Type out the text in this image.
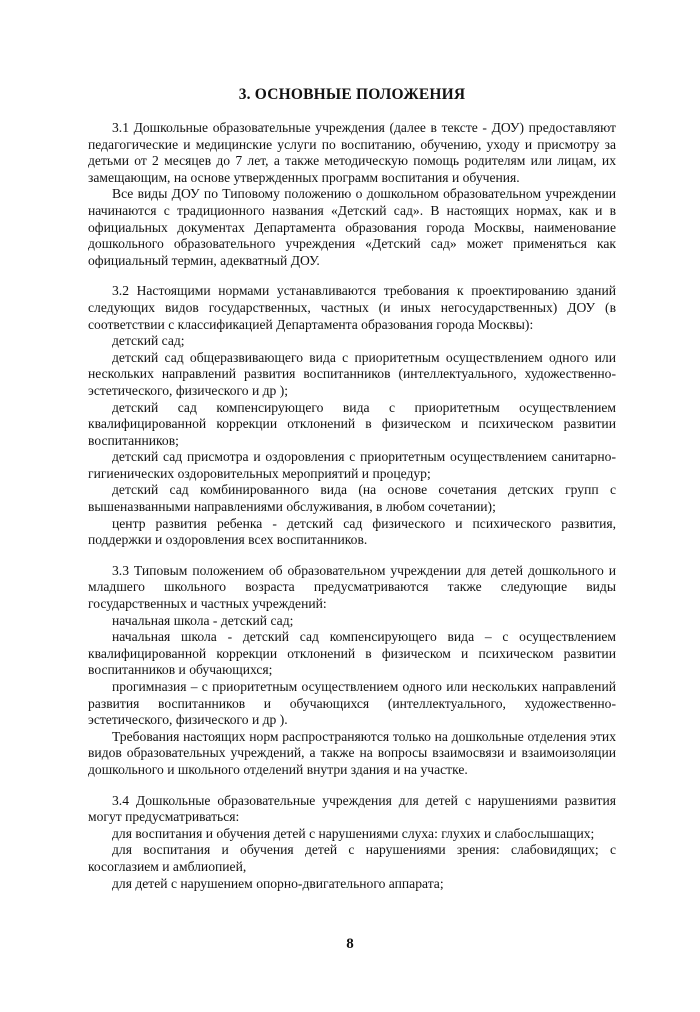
3. ОСНОВНЫЕ ПОЛОЖЕНИЯ

3.1 Дошкольные образовательные учреждения (далее в тексте - ДОУ) предоставляют педагогические и медицинские услуги по воспитанию, обучению, уходу и присмотру за детьми от 2 месяцев до 7 лет, а также методическую помощь родителям или лицам, их замещающим, на основе утвержденных программ воспитания и обучения.

Все виды ДОУ по Типовому положению о дошкольном образовательном учреждении начинаются с традиционного названия «Детский сад». В настоящих нормах, как и в официальных документах Департамента образования города Москвы, наименование дошкольного образовательного учреждения «Детский сад» может применяться как официальный термин, адекватный ДОУ.

3.2 Настоящими нормами устанавливаются требования к проектированию зданий следующих видов государственных, частных (и иных негосударственных) ДОУ (в соответствии с классификацией Департамента образования города Москвы):

детский сад;

детский сад общеразвивающего вида с приоритетным осуществлением одного или нескольких направлений развития воспитанников (интеллектуального, художественно-эстетического, физического и др );

детский сад компенсирующего вида с приоритетным осуществлением квалифицированной коррекции отклонений в физическом и психическом развитии воспитанников;

детский сад присмотра и оздоровления с приоритетным осуществлением санитарно-гигиенических оздоровительных мероприятий и процедур;

детский сад комбинированного вида (на основе сочетания детских групп с вышеназванными направлениями обслуживания, в любом сочетании);

центр развития ребенка - детский сад физического и психического развития, поддержки и оздоровления всех воспитанников.

3.3 Типовым положением об образовательном учреждении для детей дошкольного и младшего школьного возраста предусматриваются также следующие виды государственных и частных учреждений:

начальная школа - детский сад;

начальная школа - детский сад компенсирующего вида – с осуществлением квалифицированной коррекции отклонений в физическом и психическом развитии воспитанников и обучающихся;

прогимназия – с приоритетным осуществлением одного или нескольких направлений развития воспитанников и обучающихся (интеллектуального, художественно-эстетического, физического и др ).

Требования настоящих норм распространяются только на дошкольные отделения этих видов образовательных учреждений, а также на вопросы взаимосвязи и взаимоизоляции дошкольного и школьного отделений внутри здания и на участке.

3.4 Дошкольные образовательные учреждения для детей с нарушениями развития могут предусматриваться:

для воспитания и обучения детей с нарушениями слуха: глухих и слабослышащих;

для воспитания и обучения детей с нарушениями зрения: слабовидящих; с косоглазием и амблиопией,

для детей с нарушением опорно-двигательного аппарата;

8
